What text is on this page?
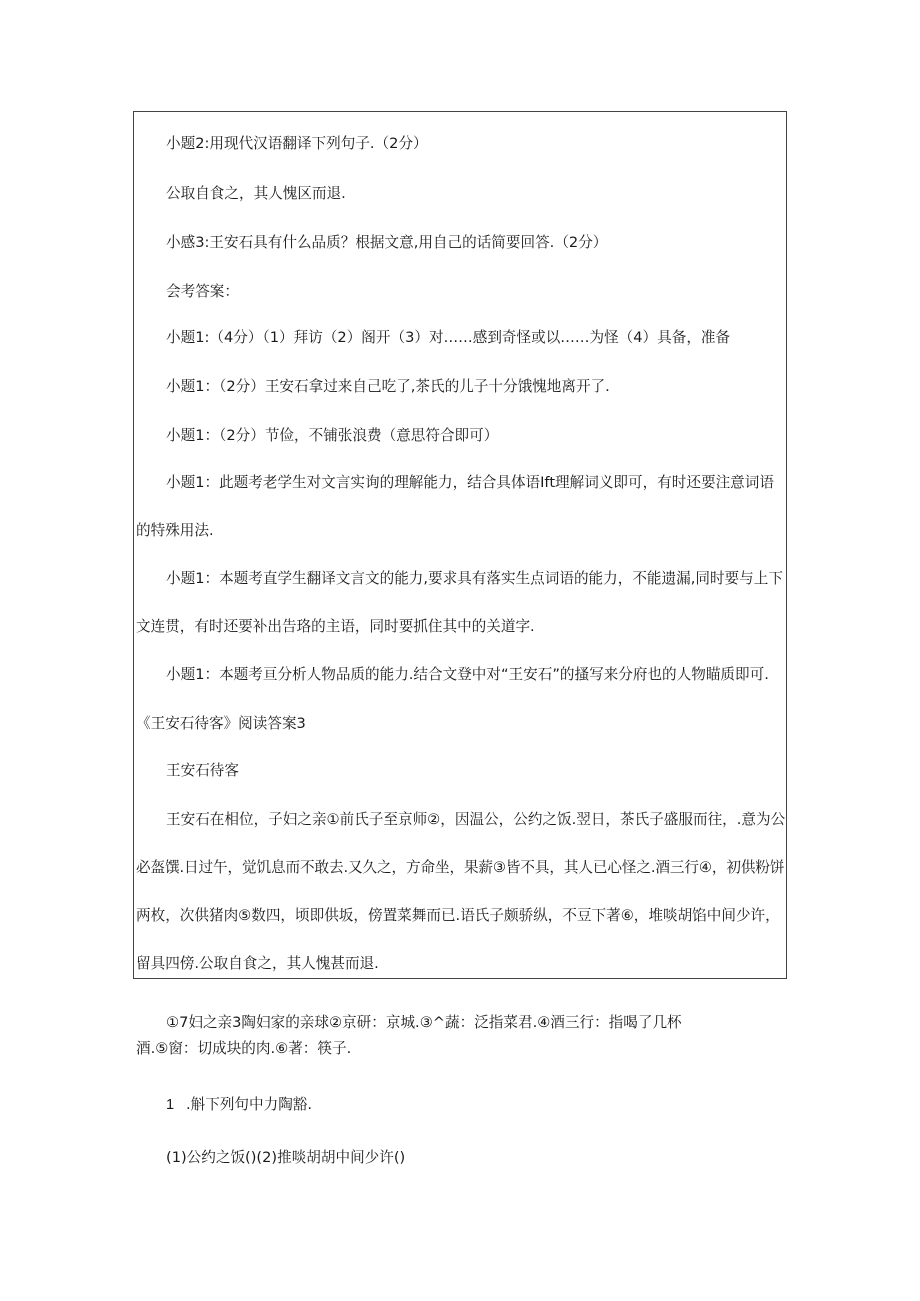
小题2:用现代汉语翻译下列句子.（2分）
公取自食之，其人愧区而退.
小感3:王安石具有什么品质？根据文意,用自己的话简要回答.（2分）
会考答案：
小题1:（4分）（1）拜访（2）阁开（3）对……感到奇怪或以……为怪（4）具备，准备
小题1：（2分）王安石拿过来自己吃了,茶氏的儿子十分饿愧地离开了.
小题1：（2分）节俭，不铺张浪费（意思符合即可）
小题1：此题考老学生对文言实询的理解能力，结合具体语Ift理解词义即可，有时还要注意词语
的特殊用法.
小题1：本题考直学生翻译文言文的能力,要求具有落实生点词语的能力，不能遗漏,同时要与上下
文连贯，有时还要补出告珞的主语，同时要抓住其中的关道字.
小题1：本题考亘分析人物品质的能力.结合文登中对“王安石”的搔写来分府也的人物瞄质即可.
《王安石待客》阅读答案3
王安石待客
王安石在相位，子妇之亲①前氏子至京师②，因温公，公约之饭.翌日，茶氏子盛服而往，.意为公
必盔馔.日过午，觉饥息而不敢去.又久之，方命坐，果薪③皆不具，其人已心怪之.酒三行④，初供粉饼
两枚，次供猪肉⑤数四，顷即供坂，傍置菜舞而已.语氏子颇骄纵，不豆下著⑥，堆啖胡馅中间少许，
留具四傍.公取自食之，其人愧甚而退.
①7妇之亲3陶妇家的亲球②京研：京城.③^蔬：泛指菜君.④酒三行：指喝了几杯
酒.⑤窗：切成块的肉.⑥著：筷子.
1 .斛下列句中力陶豁.
(1)公约之饭()(2)推啖胡胡中间少许()
